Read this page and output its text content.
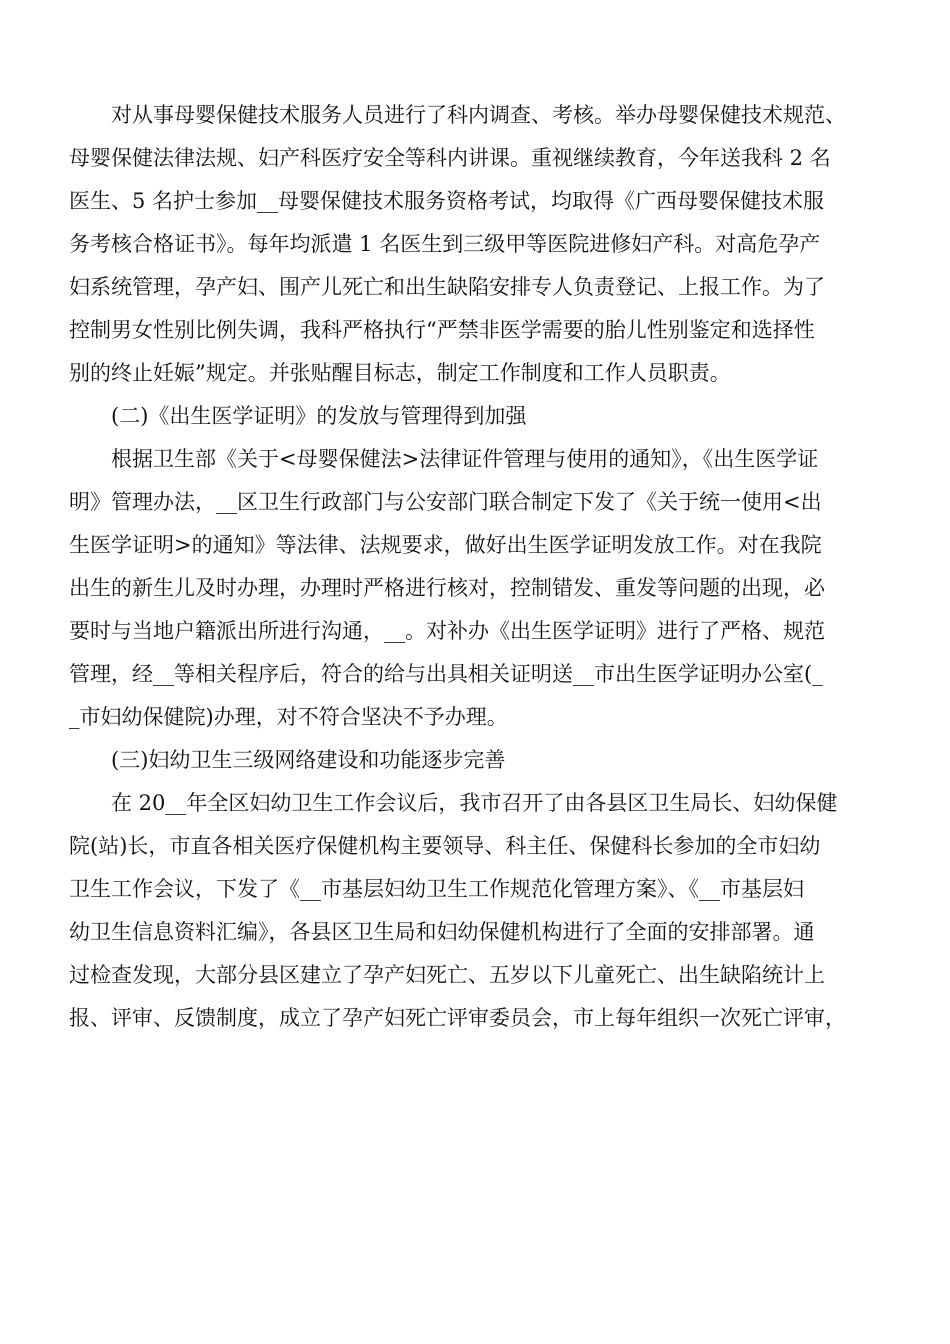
对从事母婴保健技术服务人员进行了科内调查、考核。举办母婴保健技术规范、
母婴保健法律法规、妇产科医疗安全等科内讲课。重视继续教育，今年送我科 2 名
医生、5 名护士参加__母婴保健技术服务资格考试，均取得《广西母婴保健技术服
务考核合格证书》。每年均派遣 1 名医生到三级甲等医院进修妇产科。对高危孕产
妇系统管理，孕产妇、围产儿死亡和出生缺陷安排专人负责登记、上报工作。为了
控制男女性别比例失调，我科严格执行“严禁非医学需要的胎儿性别鉴定和选择性
别的终止妊娠”规定。并张贴醒目标志，制定工作制度和工作人员职责。
(二)《出生医学证明》的发放与管理得到加强
根据卫生部《关于<母婴保健法>法律证件管理与使用的通知》，《出生医学证
明》管理办法，__区卫生行政部门与公安部门联合制定下发了《关于统一使用<出
生医学证明>的通知》等法律、法规要求，做好出生医学证明发放工作。对在我院
出生的新生儿及时办理，办理时严格进行核对，控制错发、重发等问题的出现，必
要时与当地户籍派出所进行沟通，__。对补办《出生医学证明》进行了严格、规范
管理，经__等相关程序后，符合的给与出具相关证明送__市出生医学证明办公室(_
_市妇幼保健院)办理，对不符合坚决不予办理。
(三)妇幼卫生三级网络建设和功能逐步完善
在 20__年全区妇幼卫生工作会议后，我市召开了由各县区卫生局长、妇幼保健
院(站)长，市直各相关医疗保健机构主要领导、科主任、保健科长参加的全市妇幼
卫生工作会议，下发了《__市基层妇幼卫生工作规范化管理方案》、《__市基层妇
幼卫生信息资料汇编》，各县区卫生局和妇幼保健机构进行了全面的安排部署。通
过检查发现，大部分县区建立了孕产妇死亡、五岁以下儿童死亡、出生缺陷统计上
报、评审、反馈制度，成立了孕产妇死亡评审委员会，市上每年组织一次死亡评审，
